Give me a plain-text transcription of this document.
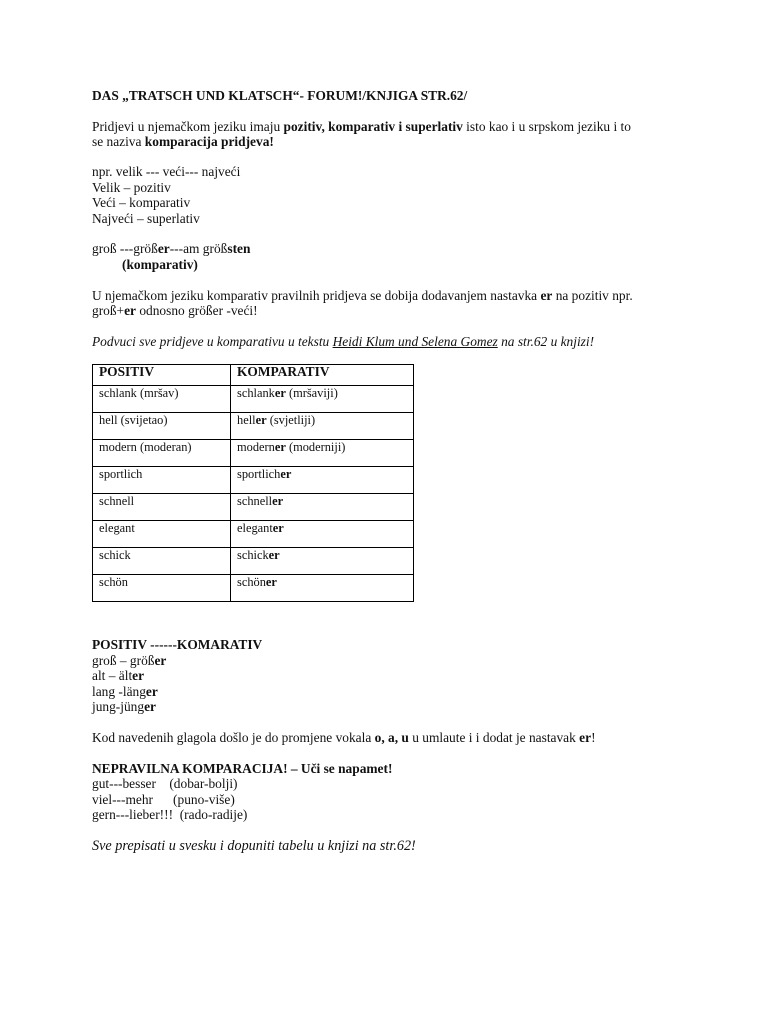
DAS „TRATSCH UND KLATSCH“- FORUM!/KNJIGA STR.62/
Pridjevi u njemačkom jeziku imaju pozitiv, komparativ i superlativ isto kao i u srpskom jeziku i to
se naziva komparacija pridjeva!
npr. velik --- veći--- najveći
Velik – pozitiv
Veći – komparativ
Najveći – superlativ
groß ---größer---am größsten
(komparativ)
U njemačkom jeziku komparativ pravilnih pridjeva se dobija dodavanjem nastavka er na pozitiv npr.
groß+er odnosno größer -veći!
Podvuci sve pridjeve u komparativu u tekstu Heidi Klum und Selena Gomez na str.62 u knjizi!
POSITIV	KOMPARATIV
schlank (mršav)	schlanker (mršaviji)
hell (svijetao)	heller (svjetliji)
modern (moderan)	moderner (moderniji)
sportlich	sportlicher
schnell	schneller
elegant	eleganter
schick	schicker
schön	schöner
POSITIV ------KOMARATIV
groß – größer
alt – älter
lang -länger
jung-jünger
Kod navedenih glagola došlo je do promjene vokala o, a, u u umlaute i i dodat je nastavak er!
NEPRAVILNA KOMPARACIJA! – Uči se napamet!
gut---besser    (dobar-bolji)
viel---mehr      (puno-više)
gern---lieber!!!  (rado-radije)
Sve prepisati u svesku i dopuniti tabelu u knjizi na str.62!
